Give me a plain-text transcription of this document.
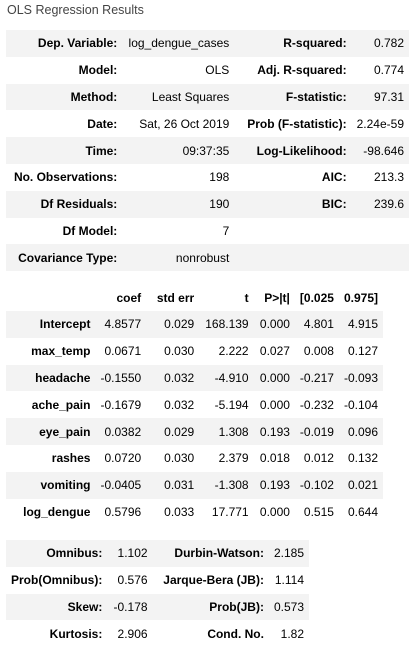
OLS Regression Results
Dep. Variable:	log_dengue_cases	R-squared:	0.782
Model:	OLS	Adj. R-squared:	0.774
Method:	Least Squares	F-statistic:	97.31
Date:	Sat, 26 Oct 2019	Prob (F-statistic):	2.24e-59
Time:	09:37:35	Log-Likelihood:	-98.646
No. Observations:	198	AIC:	213.3
Df Residuals:	190	BIC:	239.6
Df Model:	7		
Covariance Type:	nonrobust		
	coef	std err	t	P>|t|	[0.025	0.975]
Intercept	4.8577	0.029	168.139	0.000	4.801	4.915
max_temp	0.0671	0.030	2.222	0.027	0.008	0.127
headache	-0.1550	0.032	-4.910	0.000	-0.217	-0.093
ache_pain	-0.1679	0.032	-5.194	0.000	-0.232	-0.104
eye_pain	0.0382	0.029	1.308	0.193	-0.019	0.096
rashes	0.0720	0.030	2.379	0.018	0.012	0.132
vomiting	-0.0405	0.031	-1.308	0.193	-0.102	0.021
log_dengue	0.5796	0.033	17.771	0.000	0.515	0.644
Omnibus:	1.102	Durbin-Watson:	2.185
Prob(Omnibus):	0.576	Jarque-Bera (JB):	1.114
Skew:	-0.178	Prob(JB):	0.573
Kurtosis:	2.906	Cond. No.	1.82
